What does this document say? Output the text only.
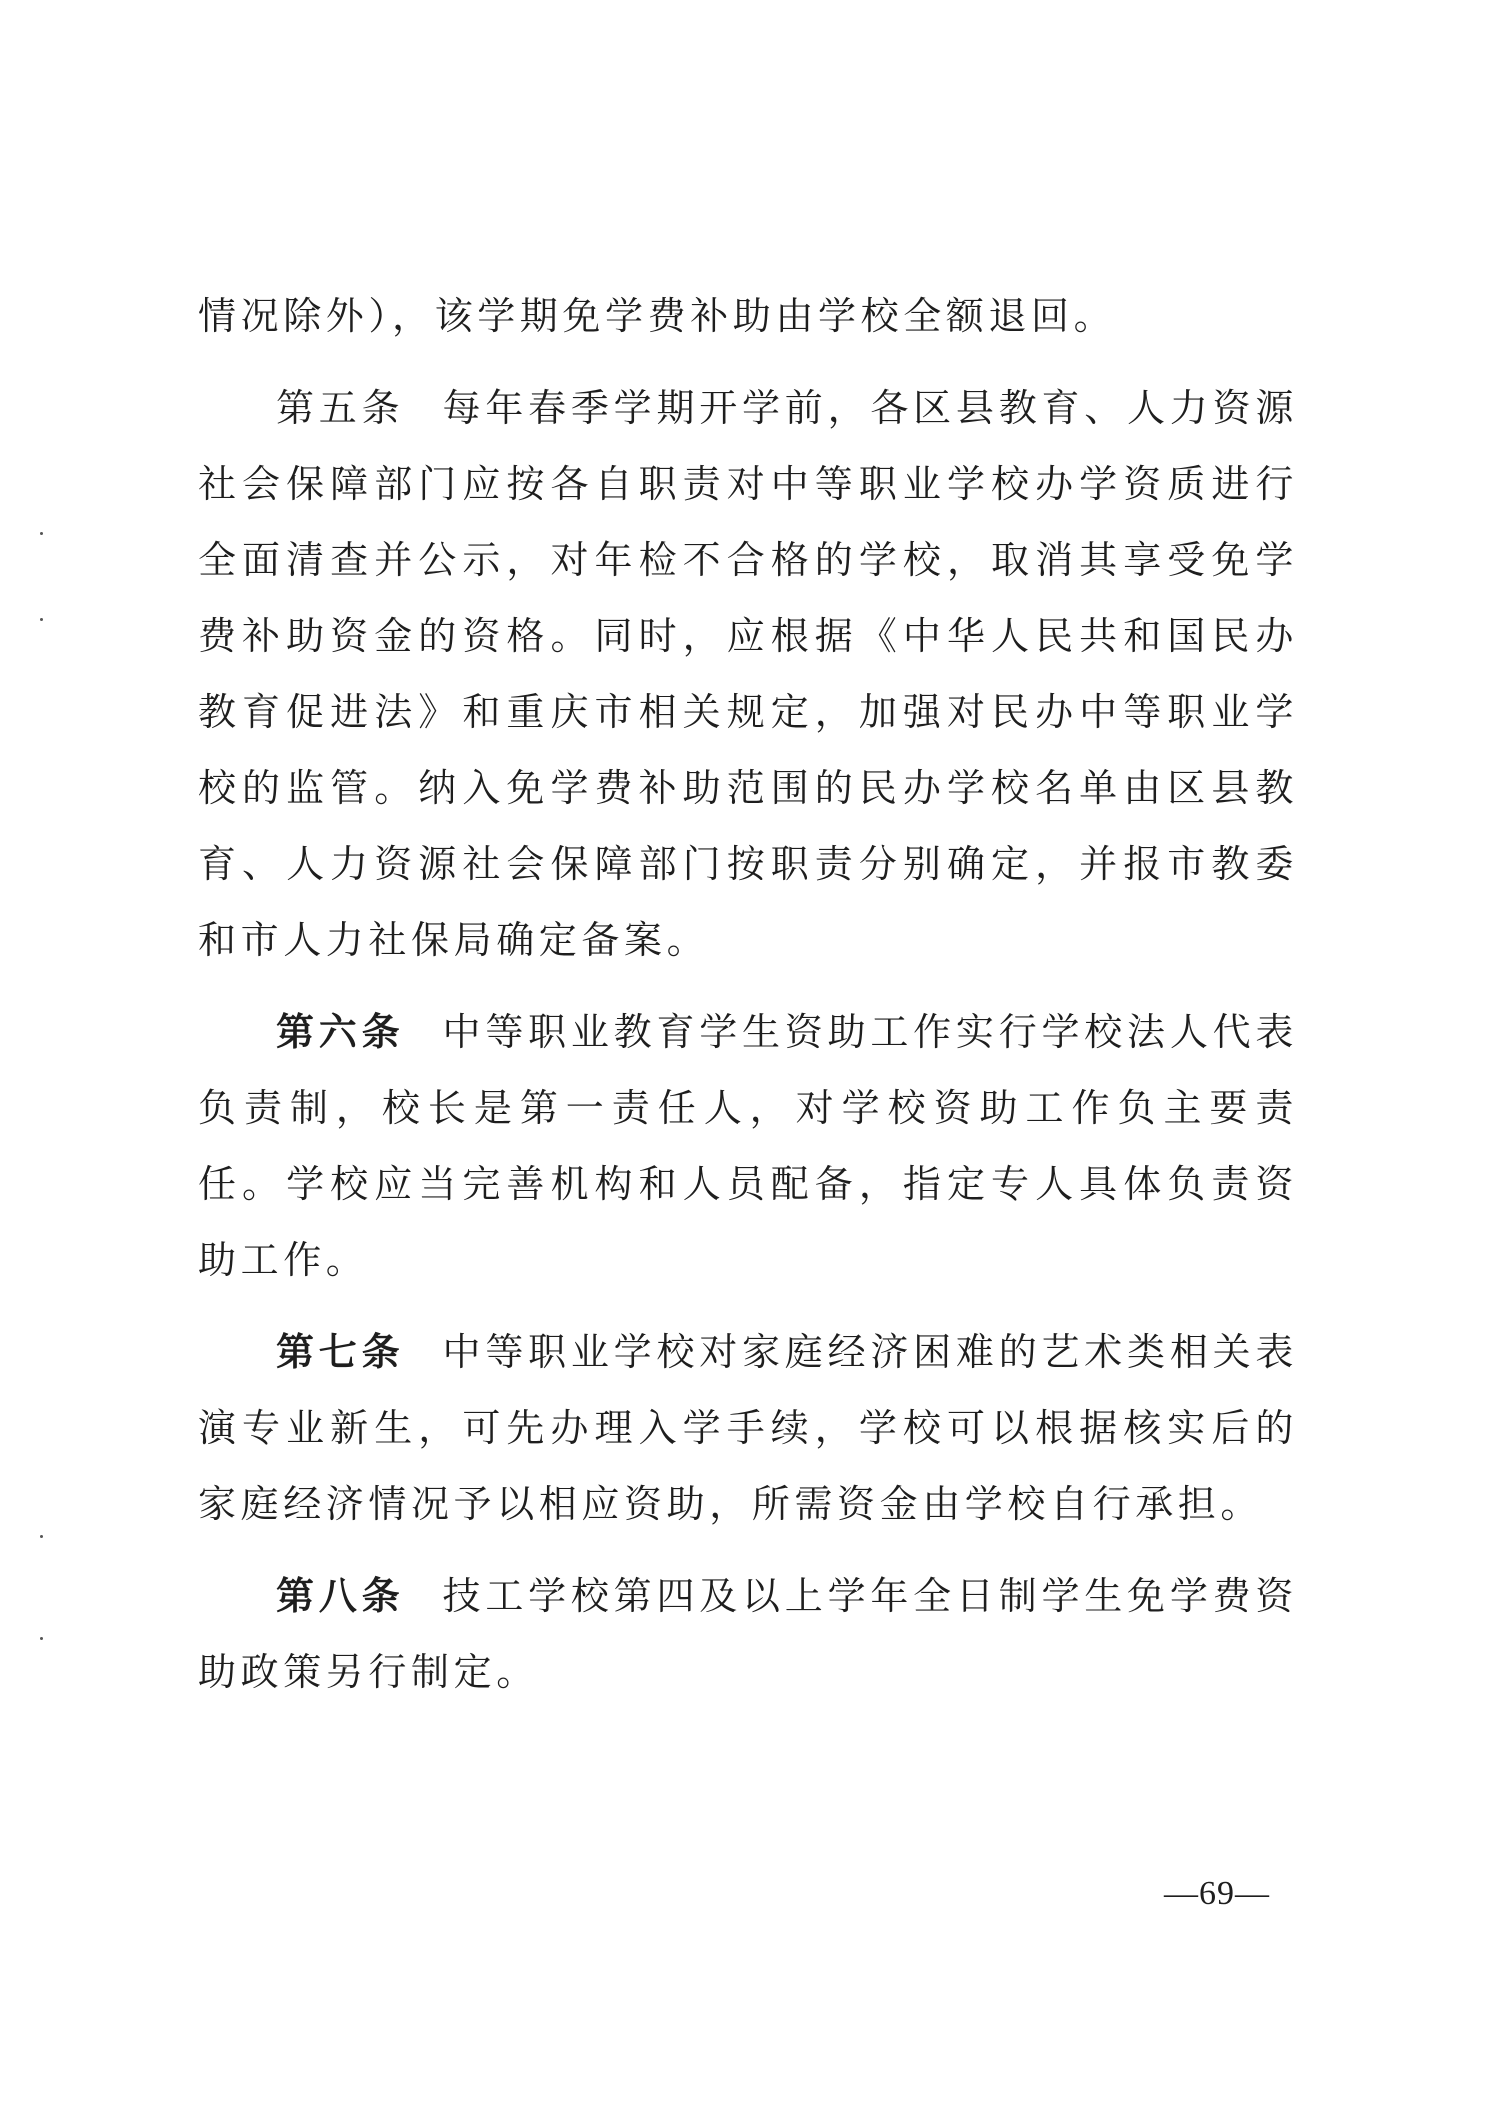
情况除外），该学期免学费补助由学校全额退回。

第五条 每年春季学期开学前，各区县教育、人力资源社会保障部门应按各自职责对中等职业学校办学资质进行全面清查并公示，对年检不合格的学校，取消其享受免学费补助资金的资格。同时，应根据《中华人民共和国民办教育促进法》和重庆市相关规定，加强对民办中等职业学校的监管。纳入免学费补助范围的民办学校名单由区县教育、人力资源社会保障部门按职责分别确定，并报市教委和市人力社保局确定备案。

第六条 中等职业教育学生资助工作实行学校法人代表负责制，校长是第一责任人，对学校资助工作负主要责任。学校应当完善机构和人员配备，指定专人具体负责资助工作。

第七条 中等职业学校对家庭经济困难的艺术类相关表演专业新生，可先办理入学手续，学校可以根据核实后的家庭经济情况予以相应资助，所需资金由学校自行承担。

第八条 技工学校第四及以上学年全日制学生免学费资助政策另行制定。

—69—
